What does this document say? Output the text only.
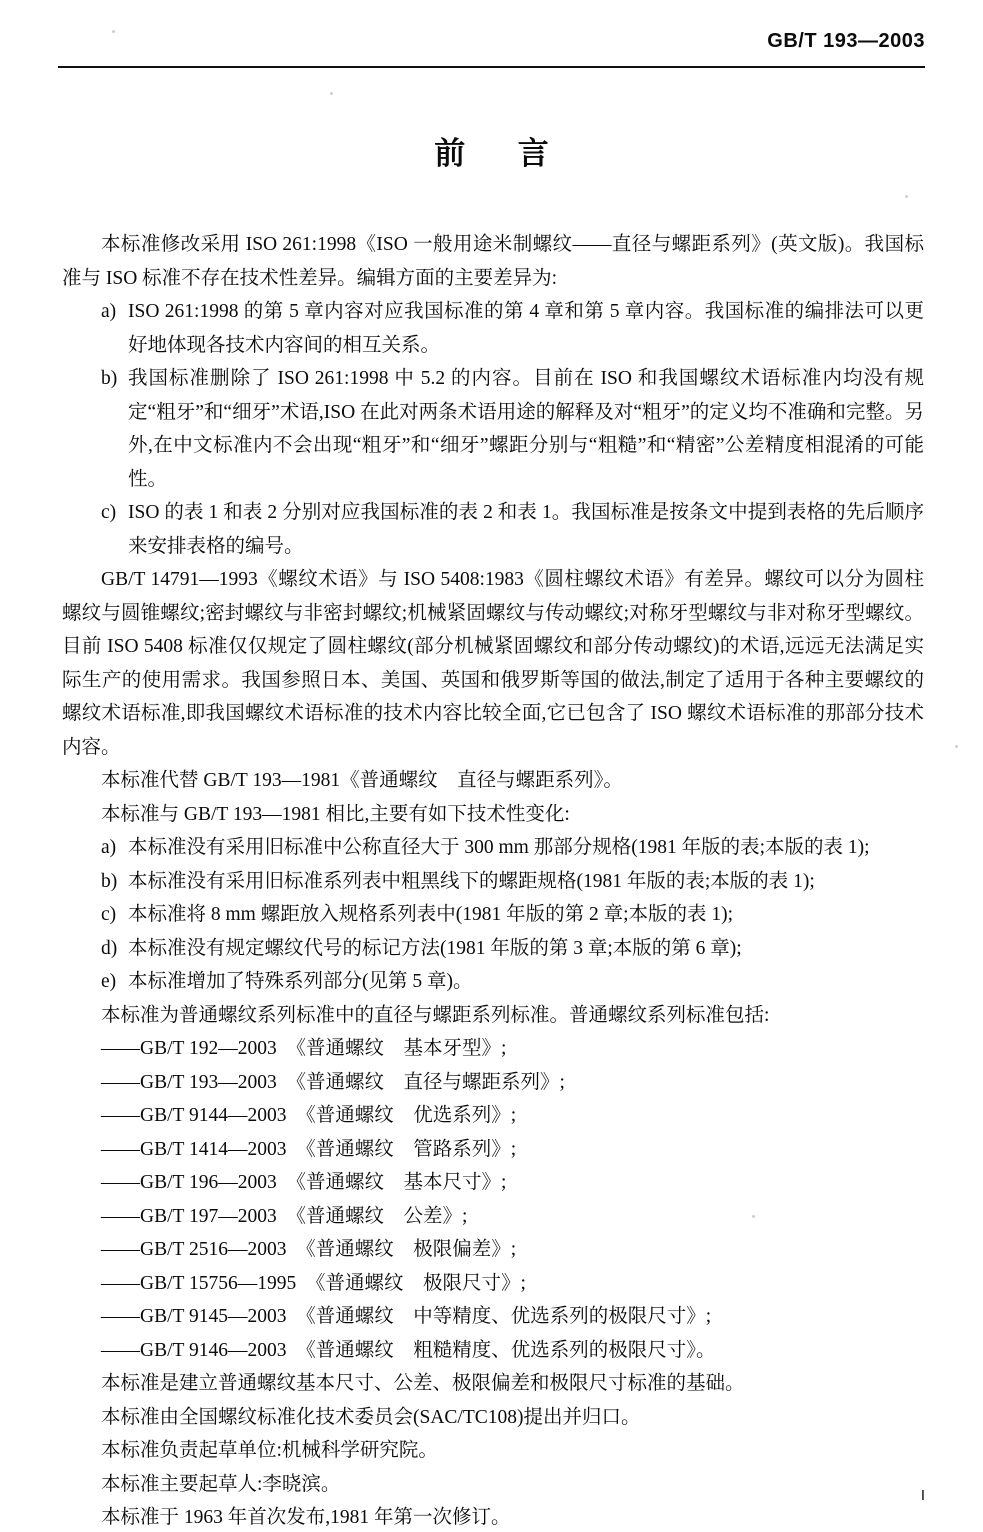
GB/T 193—2003
前 言

本标准修改采用 ISO 261:1998《ISO 一般用途米制螺纹——直径与螺距系列》(英文版)。我国标准与 ISO 标准不存在技术性差异。编辑方面的主要差异为:

a) ISO 261:1998 的第 5 章内容对应我国标准的第 4 章和第 5 章内容。我国标准的编排法可以更好地体现各技术内容间的相互关系。
b) 我国标准删除了 ISO 261:1998 中 5.2 的内容。目前在 ISO 和我国螺纹术语标准内均没有规定“粗牙”和“细牙”术语,ISO 在此对两条术语用途的解释及对“粗牙”的定义均不准确和完整。另外,在中文标准内不会出现“粗牙”和“细牙”螺距分别与“粗糙”和“精密”公差精度相混淆的可能性。
c) ISO 的表 1 和表 2 分别对应我国标准的表 2 和表 1。我国标准是按条文中提到表格的先后顺序来安排表格的编号。

GB/T 14791—1993《螺纹术语》与 ISO 5408:1983《圆柱螺纹术语》有差异。螺纹可以分为圆柱螺纹与圆锥螺纹;密封螺纹与非密封螺纹;机械紧固螺纹与传动螺纹;对称牙型螺纹与非对称牙型螺纹。目前 ISO 5408 标准仅仅规定了圆柱螺纹(部分机械紧固螺纹和部分传动螺纹)的术语,远远无法满足实际生产的使用需求。我国参照日本、美国、英国和俄罗斯等国的做法,制定了适用于各种主要螺纹的螺纹术语标准,即我国螺纹术语标准的技术内容比较全面,它已包含了 ISO 螺纹术语标准的那部分技术内容。

本标准代替 GB/T 193—1981《普通螺纹　直径与螺距系列》。

本标准与 GB/T 193—1981 相比,主要有如下技术性变化:

a) 本标准没有采用旧标准中公称直径大于 300 mm 那部分规格(1981 年版的表;本版的表 1);
b) 本标准没有采用旧标准系列表中粗黑线下的螺距规格(1981 年版的表;本版的表 1);
c) 本标准将 8 mm 螺距放入规格系列表中(1981 年版的第 2 章;本版的表 1);
d) 本标准没有规定螺纹代号的标记方法(1981 年版的第 3 章;本版的第 6 章);
e) 本标准增加了特殊系列部分(见第 5 章)。

本标准为普通螺纹系列标准中的直径与螺距系列标准。普通螺纹系列标准包括:

——GB/T 192—2003　《普通螺纹　基本牙型》;

——GB/T 193—2003　《普通螺纹　直径与螺距系列》;

——GB/T 9144—2003　《普通螺纹　优选系列》;

——GB/T 1414—2003　《普通螺纹　管路系列》;

——GB/T 196—2003　《普通螺纹　基本尺寸》;

——GB/T 197—2003　《普通螺纹　公差》;

——GB/T 2516—2003　《普通螺纹　极限偏差》;

——GB/T 15756—1995　《普通螺纹　极限尺寸》;

——GB/T 9145—2003　《普通螺纹　中等精度、优选系列的极限尺寸》;

——GB/T 9146—2003　《普通螺纹　粗糙精度、优选系列的极限尺寸》。

本标准是建立普通螺纹基本尺寸、公差、极限偏差和极限尺寸标准的基础。

本标准由全国螺纹标准化技术委员会(SAC/TC108)提出并归口。

本标准负责起草单位:机械科学研究院。

本标准主要起草人:李晓滨。

本标准于 1963 年首次发布,1981 年第一次修订。

I
